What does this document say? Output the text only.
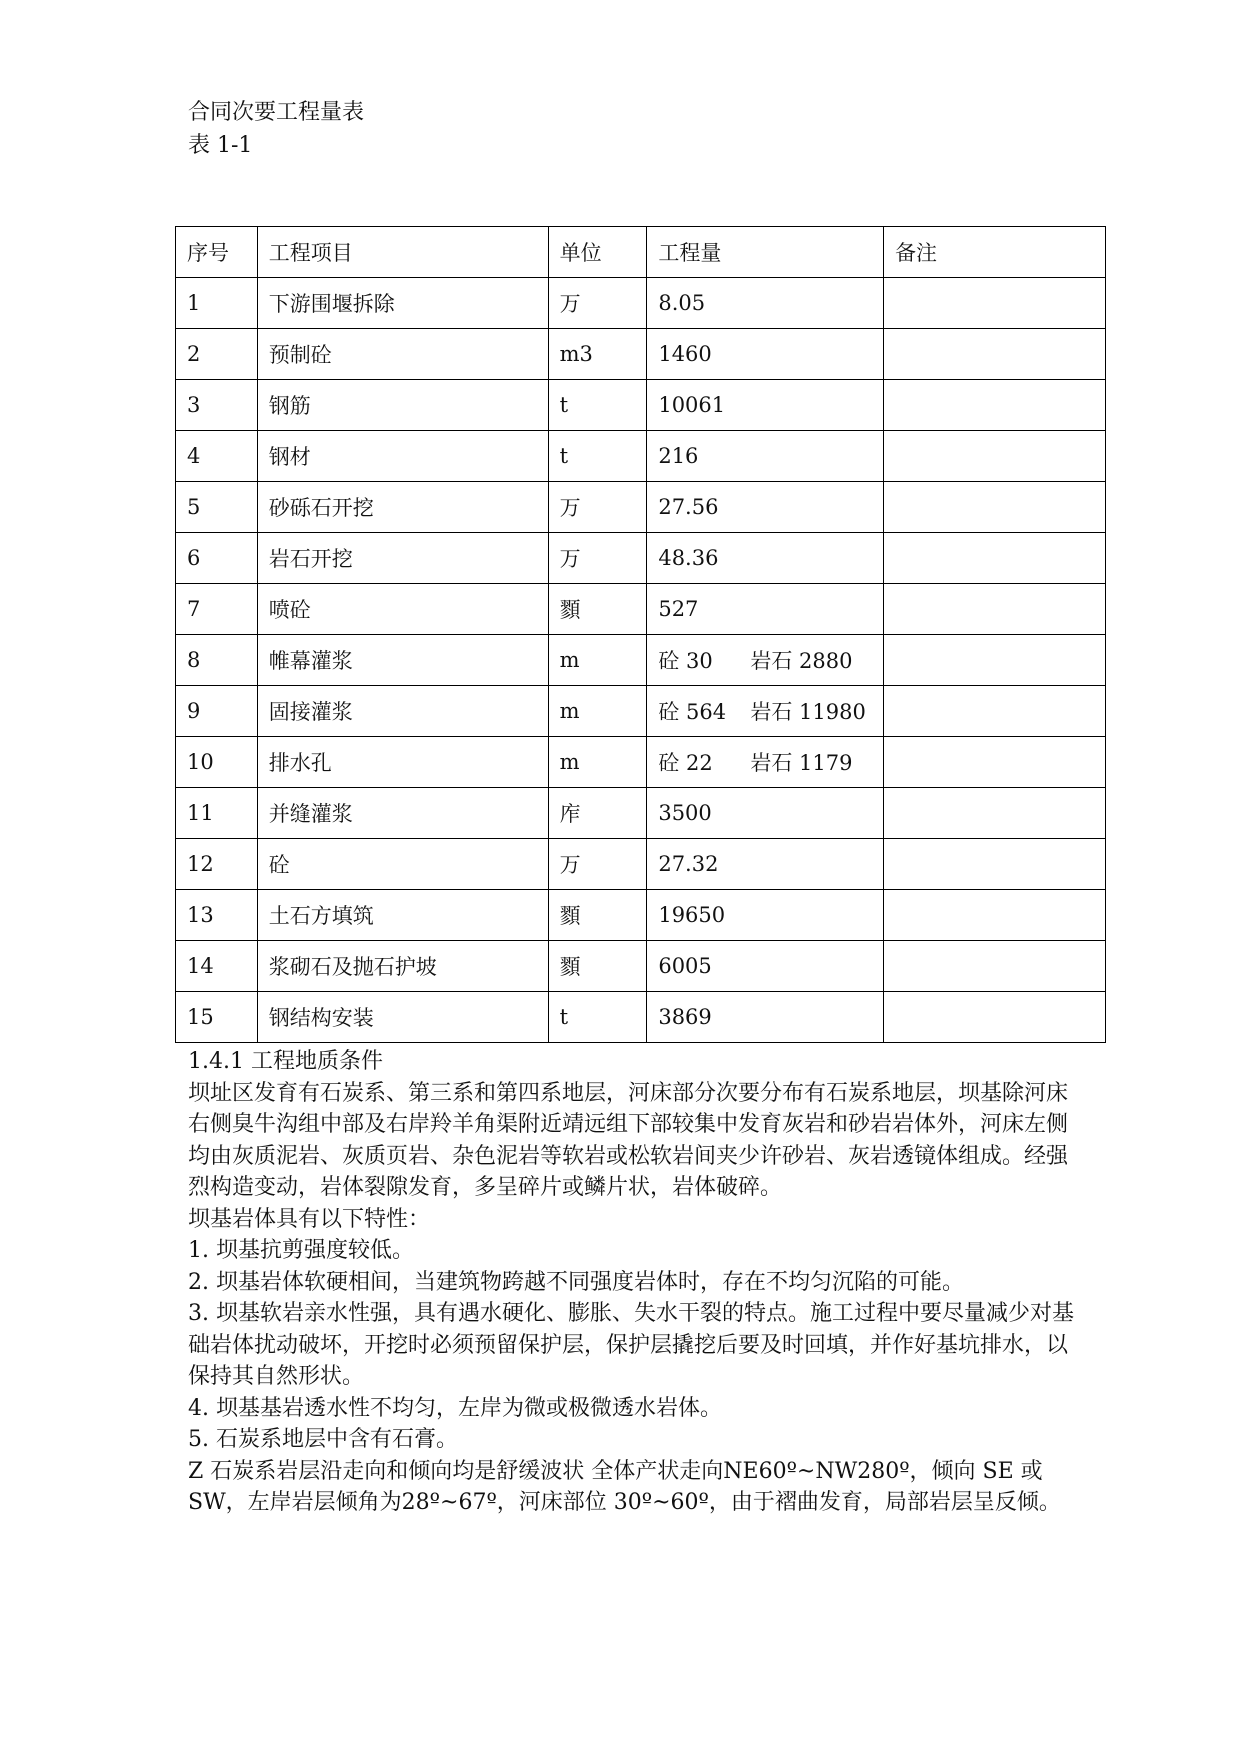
合同次要工程量表
表 1-1
序号	工程项目	单位	工程量	备注
1	下游围堰拆除	万	8.05	
2	预制砼	m3	1460	
3	钢筋	t	10061	
4	钢材	t	216	
5	砂砾石开挖	万	27.56	
6	岩石开挖	万	48.36	
7	喷砼	顟	527	
8	帷幕灌浆	m	砼 30 岩石 2880	
9	固接灌浆	m	砼 564 岩石 11980	
10	排水孔	m	砼 22 岩石 1179	
11	并缝灌浆	㡸	3500	
12	砼	万	27.32	
13	土石方填筑	顟	19650	
14	浆砌石及抛石护坡	顟	6005	
15	钢结构安装	t	3869	

1.4.1 工程地质条件

坝址区发育有石炭系、第三系和第四系地层，河床部分次要分布有石炭系地层，坝基除河床右侧臭牛沟组中部及右岸羚羊角渠附近靖远组下部较集中发育灰岩和砂岩岩体外，河床左侧均由灰质泥岩、灰质页岩、杂色泥岩等软岩或松软岩间夹少许砂岩、灰岩透镜体组成。经强烈构造变动，岩体裂隙发育，多呈碎片或鳞片状，岩体破碎。

坝基岩体具有以下特性：

1. 坝基抗剪强度较低。

2. 坝基岩体软硬相间，当建筑物跨越不同强度岩体时，存在不均匀沉陷的可能。

3. 坝基软岩亲水性强，具有遇水硬化、膨胀、失水干裂的特点。施工过程中要尽量减少对基础岩体扰动破坏，开挖时必须预留保护层，保护层撬挖后要及时回填，并作好基坑排水，以保持其自然形状。

4. 坝基基岩透水性不均匀，左岸为微或极微透水岩体。

5. 石炭系地层中含有石膏。

Z 石炭系岩层沿走向和倾向均是舒缓波状 全体产状走向NE60º~NW280º，倾向 SE 或 SW，左岸岩层倾角为28º~67º，河床部位 30º~60º，由于褶曲发育，局部岩层呈反倾。
